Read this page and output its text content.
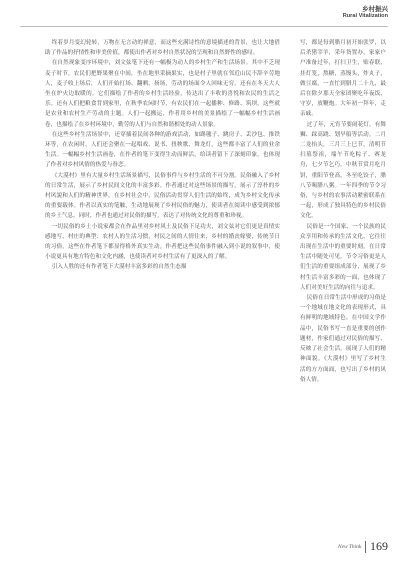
乡村振兴
Rural Vitalization

终着岁月变幻轮转，万物在无言动的禅意，而这些充满诗性的意境描述的背景，也让大地借助了作品的抒情性和审美价值，都使出作者对乡村自然状况的呈现和自然野性的感叹。

在自然现象变序环境中，刘文弦笔下还有一幅极为动人的乡村生产和生活场景。其中不乏现麦子时节，农民们把野果聚在中间，坐在地里采摘果实，也是村子里就在邻近山民不辞辛劳地人，麦子收上场后，人们开始打场、翻晒、扬场，劳动的场面令人回味无穷。还有在冬天大人坐在炉火边取暖的。它们描绘了作者的乡村生活经验，传达出了丰收的喜悦和农民的生活之乐。还有人们把粮食背到家里，在秋季农闲时节，有农民们在一起播种、修路、筑坝，这些就是农业和农村生产劳动的主题。人们一起搬运，作者用乡村的美景描绘了一幅幅乡村生活画卷，也描绘了在乡村环境中，勤劳的人们与自然和谐相处的动人景象。

在这些乡村生活场景中，还穿插着民间各种的游戏活动，如踢毽子、跳房子、丢沙包、推铁环等，在农闲时，人们还会聚在一起唱戏、说书、扭秧歌、舞龙灯，这些都丰富了人们的业余生活。一幅幅乡村生活画卷，在作者的笔下变得生动而鲜活，给读者留下了深刻印象，也体现了作者对乡村风情的热爱与眷恋。

《大漠村》里有大量乡村生活场景描写，民俗事件与乡村生活的不可分割。民俗融入了乡村的日常生活，展示了乡村民间文化的丰富多彩。作者通过对这些场景的描写，展示了淳朴的乡村风貌和人们的精神世界。在乡村社会中，民俗活动贯穿人们生活的始终，成为乡村文化传承的重要载体。作者以真实的笔触，生动地展现了乡村民俗的魅力，使读者在阅读中感受到浓郁的乡土气息。同时，作者也通过对民俗的描写，表达了对传统文化的尊重和珍视。

一切民俗的乡土小说家都会在作品里对乡村风土及民俗下足功夫，刘文弦对它们更是真情实感地写，村庄的典型、农村人的生活习惯，村民之间的人情往来，乡村的婚丧嫁娶，传统节日的习俗，这些在作者笔下都显得格外真实生动。作者把这些民俗事件融入到小说的叙事中，使小说更具有地方特色和文化内涵，也使读者对乡村生活有了更深入的了解。

引入人胜的还有作者笔下大漠村丰富多彩的自然生态描

写，都是每到腊月初开始张罗，以后杀猪宰羊，采年货置办，家家户户准备过年，打扫卫生，贴春联，挂灯笼，熬糖，蒸馒头，炸丸子，做豆腐，一直忙到腊月二十九，最后在除夕那天全家团聚吃年夜饭，守岁，放鞭炮。大年初一拜年，走亲戚。

过了年，元宵节要闹花灯，有舞狮、踩高跷、划旱船等活动。二月二龙抬头，三月三上巳节，清明节扫墓祭祖，端午节吃粽子、赛龙舟，七夕节乞巧，中秋节赏月吃月饼，重阳节登高，冬至吃饺子，腊八节喝腊八粥。一年四季的节令习俗，与乡村的农事活动紧密联系在一起，形成了独具特色的乡村民俗文化。

民俗是一个国家、一个民族的民众享用和传承的生活文化，它往往出现在生活中的重要时刻，在日常生活中随处可见。节令习俗更是人们生活的重要组成部分，展现了乡村生活丰富多彩的一面，也体现了人们对美好生活的向往与追求。

民俗在日常生活中形成的习俗是一个地域在地文化的表现形式，具有鲜明的地域特色。在中国文学作品中，民俗书写一直是重要的创作题材，作家们通过对民俗的描写，反映了社会生活，展现了人们的精神面貌。《大漠村》里写了乡村生活的方方面面，也写出了乡村的风俗人情。

New Think 169
